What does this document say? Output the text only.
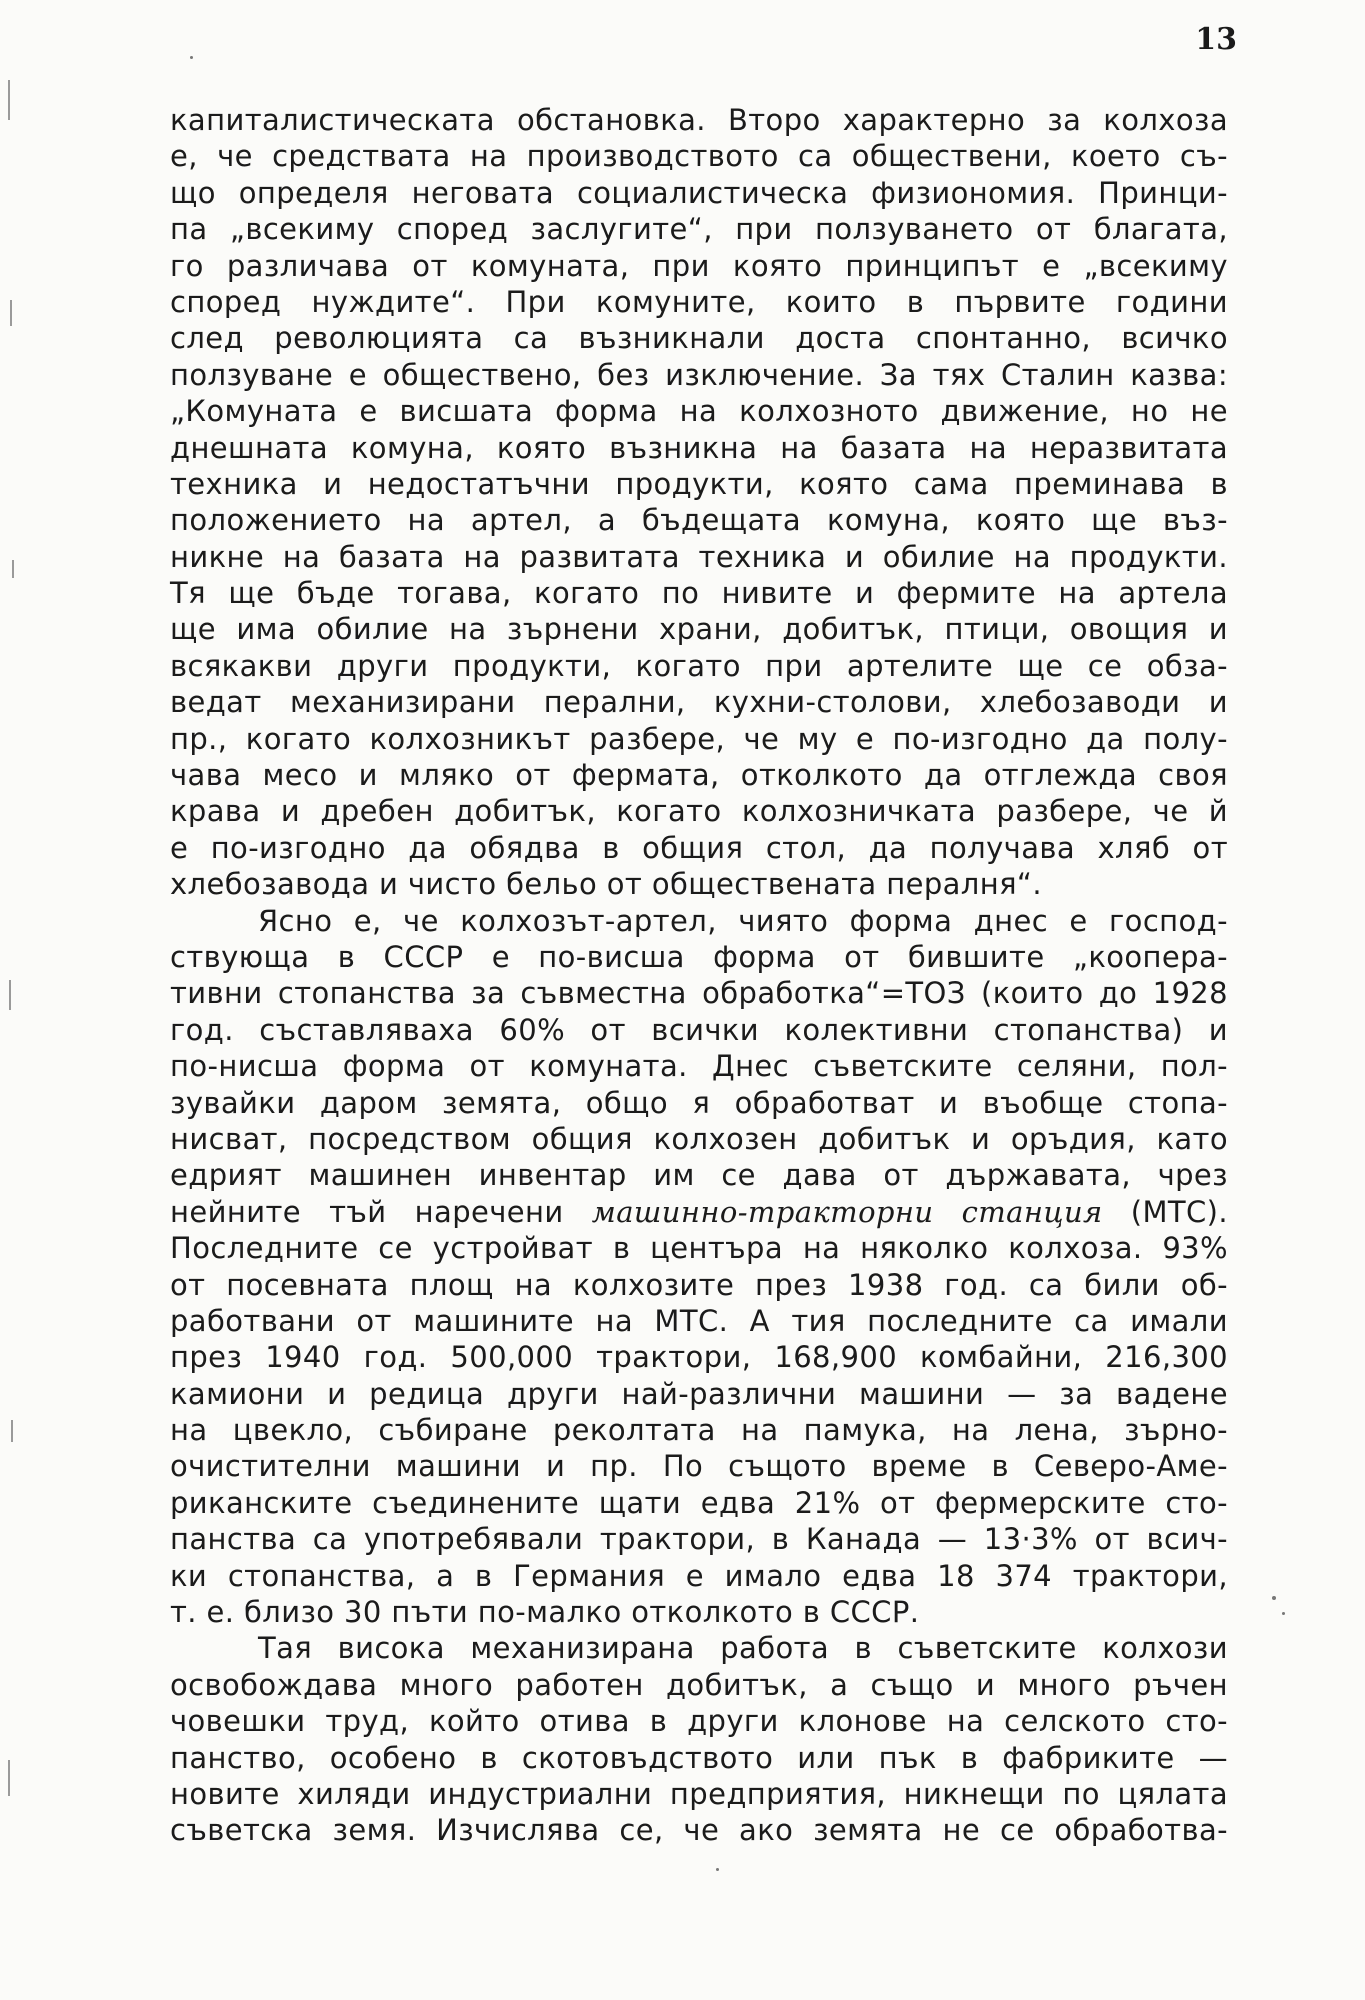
13
капиталистическата обстановка. Второ характерно за колхоза
е, че средствата на производството са обществени, което съ-
що определя неговата социалистическа физиономия. Принци-
па „всекиму според заслугите“, при ползуването от благата,
го различава от комуната, при която принципът е „всекиму
според нуждите“. При комуните, които в първите години
след революцията са възникнали доста спонтанно, всичко
ползуване е обществено, без изключение. За тях Сталин казва:
„Комуната е висшата форма на колхозното движение, но не
днешната комуна, която възникна на базата на неразвитата
техника и недостатъчни продукти, която сама преминава в
положението на артел, а бъдещата комуна, която ще въз-
никне на базата на развитата техника и обилие на продукти.
Тя ще бъде тогава, когато по нивите и фермите на артела
ще има обилие на зърнени храни, добитък, птици, овощия и
всякакви други продукти, когато при артелите ще се обза-
ведат механизирани перални, кухни-столови, хлебозаводи и
пр., когато колхозникът разбере, че му е по-изгодно да полу-
чава месо и мляко от фермата, отколкото да отглежда своя
крава и дребен добитък, когато колхозничката разбере, че й
е по-изгодно да обядва в общия стол, да получава хляб от
хлебозавода и чисто бельо от обществената пералня“.
Ясно е, че колхозът-артел, чиято форма днес е господ-
ствующа в СССР е по-висша форма от бившите „коопера-
тивни стопанства за съвместна обработка“=ТОЗ (които до 1928
год. съставляваха 60% от всички колективни стопанства) и
по-нисша форма от комуната. Днес съветските селяни, пол-
зувайки даром земята, общо я обработват и въобще стопа-
нисват, посредством общия колхозен добитък и оръдия, като
едрият машинен инвентар им се дава от държавата, чрез
нейните тъй наречени машинно-тракторни станция (МТС).
Последните се устройват в центъра на няколко колхоза. 93%
от посевната площ на колхозите през 1938 год. са били об-
работвани от машините на МТС. А тия последните са имали
през 1940 год. 500,000 трактори, 168,900 комбайни, 216,300
камиони и редица други най-различни машини — за вадене
на цвекло, събиране реколтата на памука, на лена, зърно-
очистителни машини и пр. По същото време в Северо-Аме-
риканските съединените щати едва 21% от фермерските сто-
панства са употребявали трактори, в Канада — 13·3% от всич-
ки стопанства, а в Германия е имало едва 18 374 трактори,
т. е. близо 30 пъти по-малко отколкото в СССР.
Тая висока механизирана работа в съветските колхози
освобождава много работен добитък, а също и много ръчен
човешки труд, който отива в други клонове на селското сто-
панство, особено в скотовъдството или пък в фабриките —
новите хиляди индустриални предприятия, никнещи по цялата
съветска земя. Изчислява се, че ако земята не се обработва-
